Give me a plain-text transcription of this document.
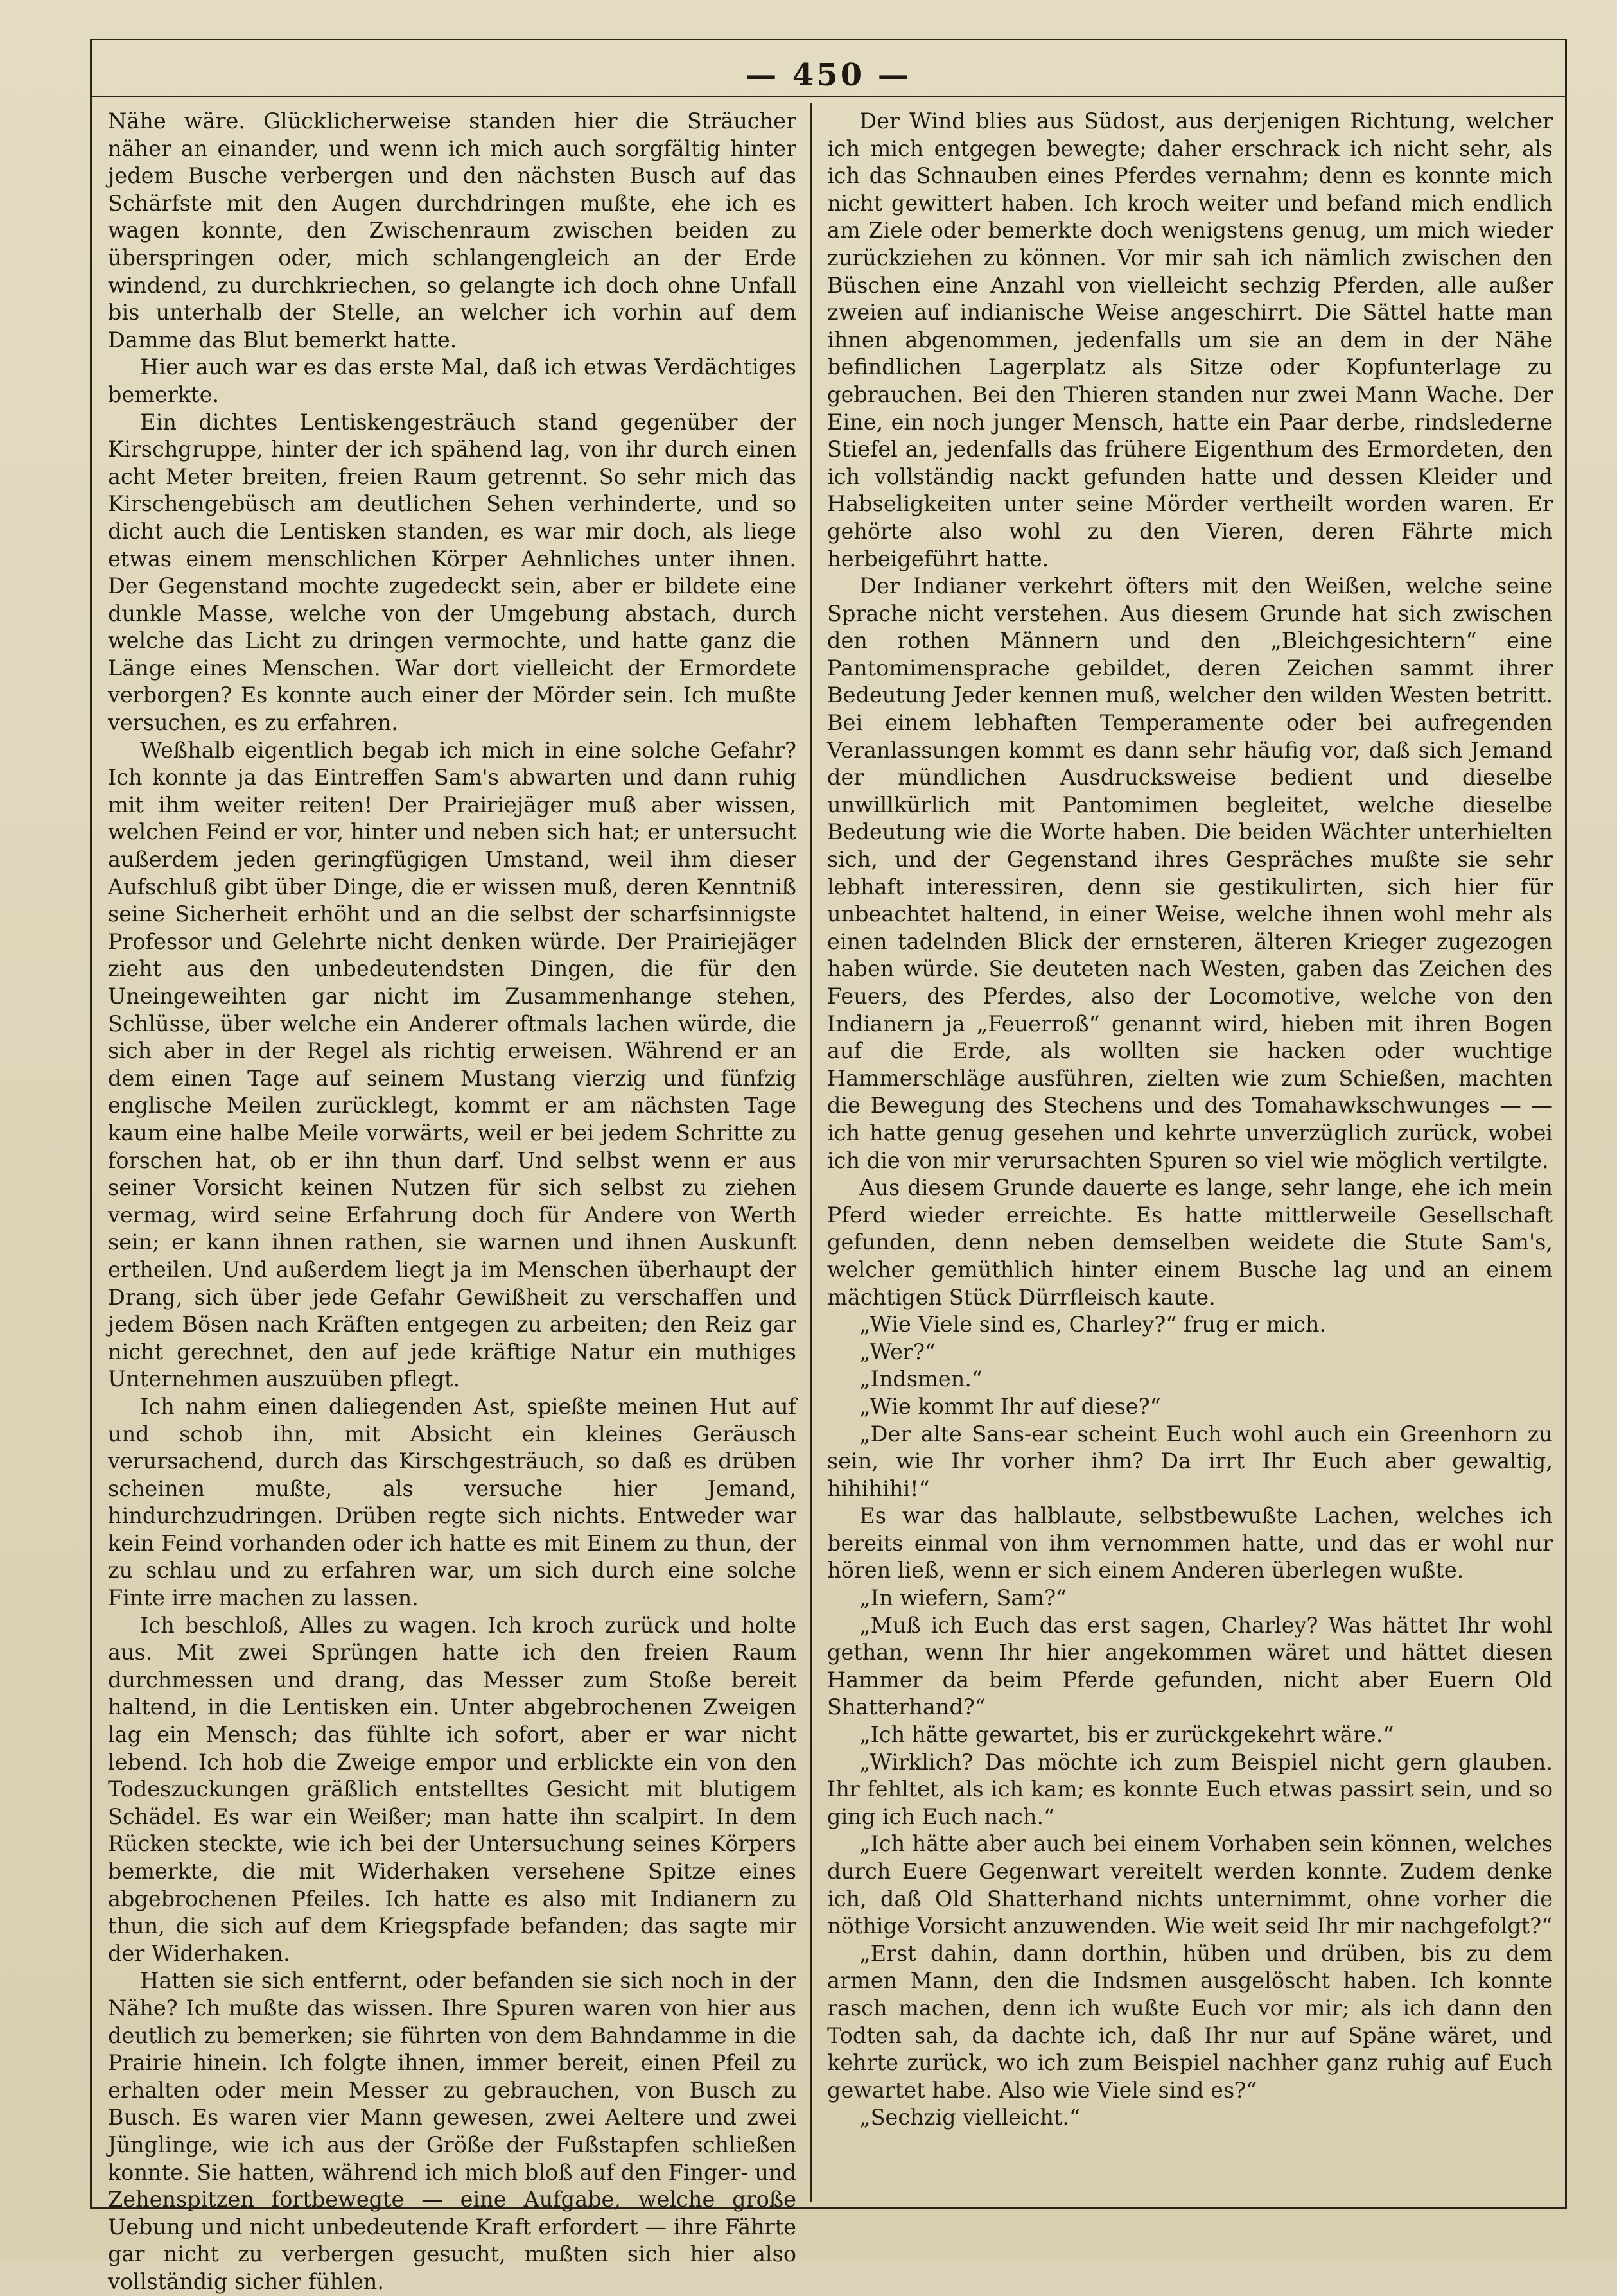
— 450 —

Nähe wäre. Glücklicherweise standen hier die Sträucher näher an einander, und wenn ich mich auch sorgfältig hinter jedem Busche verbergen und den nächsten Busch auf das Schärfste mit den Augen durchdringen mußte, ehe ich es wagen konnte, den Zwischenraum zwischen beiden zu überspringen oder, mich schlangengleich an der Erde windend, zu durchkriechen, so gelangte ich doch ohne Unfall bis unterhalb der Stelle, an welcher ich vorhin auf dem Damme das Blut bemerkt hatte.

Hier auch war es das erste Mal, daß ich etwas Verdächtiges bemerkte.

Ein dichtes Lentiskengesträuch stand gegenüber der Kirschgruppe, hinter der ich spähend lag, von ihr durch einen acht Meter breiten, freien Raum getrennt. So sehr mich das Kirschengebüsch am deutlichen Sehen verhinderte, und so dicht auch die Lentisken standen, es war mir doch, als liege etwas einem menschlichen Körper Aehnliches unter ihnen. Der Gegenstand mochte zugedeckt sein, aber er bildete eine dunkle Masse, welche von der Umgebung abstach, durch welche das Licht zu dringen vermochte, und hatte ganz die Länge eines Menschen. War dort vielleicht der Ermordete verborgen? Es konnte auch einer der Mörder sein. Ich mußte versuchen, es zu erfahren.

Weßhalb eigentlich begab ich mich in eine solche Gefahr? Ich konnte ja das Eintreffen Sam's abwarten und dann ruhig mit ihm weiter reiten! Der Prairiejäger muß aber wissen, welchen Feind er vor, hinter und neben sich hat; er untersucht außerdem jeden geringfügigen Umstand, weil ihm dieser Aufschluß gibt über Dinge, die er wissen muß, deren Kenntniß seine Sicherheit erhöht und an die selbst der scharfsinnigste Professor und Gelehrte nicht denken würde. Der Prairiejäger zieht aus den unbedeutendsten Dingen, die für den Uneingeweihten gar nicht im Zusammenhange stehen, Schlüsse, über welche ein Anderer oftmals lachen würde, die sich aber in der Regel als richtig erweisen. Während er an dem einen Tage auf seinem Mustang vierzig und fünfzig englische Meilen zurücklegt, kommt er am nächsten Tage kaum eine halbe Meile vorwärts, weil er bei jedem Schritte zu forschen hat, ob er ihn thun darf. Und selbst wenn er aus seiner Vorsicht keinen Nutzen für sich selbst zu ziehen vermag, wird seine Erfahrung doch für Andere von Werth sein; er kann ihnen rathen, sie warnen und ihnen Auskunft ertheilen. Und außerdem liegt ja im Menschen überhaupt der Drang, sich über jede Gefahr Gewißheit zu verschaffen und jedem Bösen nach Kräften entgegen zu arbeiten; den Reiz gar nicht gerechnet, den auf jede kräftige Natur ein muthiges Unternehmen auszuüben pflegt.

Ich nahm einen daliegenden Ast, spießte meinen Hut auf und schob ihn, mit Absicht ein kleines Geräusch verursachend, durch das Kirschgesträuch, so daß es drüben scheinen mußte, als versuche hier Jemand, hindurchzudringen. Drüben regte sich nichts. Entweder war kein Feind vorhanden oder ich hatte es mit Einem zu thun, der zu schlau und zu erfahren war, um sich durch eine solche Finte irre machen zu lassen.

Ich beschloß, Alles zu wagen. Ich kroch zurück und holte aus. Mit zwei Sprüngen hatte ich den freien Raum durchmessen und drang, das Messer zum Stoße bereit haltend, in die Lentisken ein. Unter abgebrochenen Zweigen lag ein Mensch; das fühlte ich sofort, aber er war nicht lebend. Ich hob die Zweige empor und erblickte ein von den Todeszuckungen gräßlich entstelltes Gesicht mit blutigem Schädel. Es war ein Weißer; man hatte ihn scalpirt. In dem Rücken steckte, wie ich bei der Untersuchung seines Körpers bemerkte, die mit Widerhaken versehene Spitze eines abgebrochenen Pfeiles. Ich hatte es also mit Indianern zu thun, die sich auf dem Kriegspfade befanden; das sagte mir der Widerhaken.

Hatten sie sich entfernt, oder befanden sie sich noch in der Nähe? Ich mußte das wissen. Ihre Spuren waren von hier aus deutlich zu bemerken; sie führten von dem Bahndamme in die Prairie hinein. Ich folgte ihnen, immer bereit, einen Pfeil zu erhalten oder mein Messer zu gebrauchen, von Busch zu Busch. Es waren vier Mann gewesen, zwei Aeltere und zwei Jünglinge, wie ich aus der Größe der Fußstapfen schließen konnte. Sie hatten, während ich mich bloß auf den Finger- und Zehenspitzen fortbewegte — eine Aufgabe, welche große Uebung und nicht unbedeutende Kraft erfordert — ihre Fährte gar nicht zu verbergen gesucht, mußten sich hier also vollständig sicher fühlen.

Der Wind blies aus Südost, aus derjenigen Richtung, welcher ich mich entgegen bewegte; daher erschrack ich nicht sehr, als ich das Schnauben eines Pferdes vernahm; denn es konnte mich nicht gewittert haben. Ich kroch weiter und befand mich endlich am Ziele oder bemerkte doch wenigstens genug, um mich wieder zurückziehen zu können. Vor mir sah ich nämlich zwischen den Büschen eine Anzahl von vielleicht sechzig Pferden, alle außer zweien auf indianische Weise angeschirrt. Die Sättel hatte man ihnen abgenommen, jedenfalls um sie an dem in der Nähe befindlichen Lagerplatz als Sitze oder Kopfunterlage zu gebrauchen. Bei den Thieren standen nur zwei Mann Wache. Der Eine, ein noch junger Mensch, hatte ein Paar derbe, rindslederne Stiefel an, jedenfalls das frühere Eigenthum des Ermordeten, den ich vollständig nackt gefunden hatte und dessen Kleider und Habseligkeiten unter seine Mörder vertheilt worden waren. Er gehörte also wohl zu den Vieren, deren Fährte mich herbeigeführt hatte.

Der Indianer verkehrt öfters mit den Weißen, welche seine Sprache nicht verstehen. Aus diesem Grunde hat sich zwischen den rothen Männern und den „Bleichgesichtern“ eine Pantomimensprache gebildet, deren Zeichen sammt ihrer Bedeutung Jeder kennen muß, welcher den wilden Westen betritt. Bei einem lebhaften Temperamente oder bei aufregenden Veranlassungen kommt es dann sehr häufig vor, daß sich Jemand der mündlichen Ausdrucksweise bedient und dieselbe unwillkürlich mit Pantomimen begleitet, welche dieselbe Bedeutung wie die Worte haben. Die beiden Wächter unterhielten sich, und der Gegenstand ihres Gespräches mußte sie sehr lebhaft interessiren, denn sie gestikulirten, sich hier für unbeachtet haltend, in einer Weise, welche ihnen wohl mehr als einen tadelnden Blick der ernsteren, älteren Krieger zugezogen haben würde. Sie deuteten nach Westen, gaben das Zeichen des Feuers, des Pferdes, also der Locomotive, welche von den Indianern ja „Feuerroß“ genannt wird, hieben mit ihren Bogen auf die Erde, als wollten sie hacken oder wuchtige Hammerschläge ausführen, zielten wie zum Schießen, machten die Bewegung des Stechens und des Tomahawkschwunges — — ich hatte genug gesehen und kehrte unverzüglich zurück, wobei ich die von mir verursachten Spuren so viel wie möglich vertilgte.

Aus diesem Grunde dauerte es lange, sehr lange, ehe ich mein Pferd wieder erreichte. Es hatte mittlerweile Gesellschaft gefunden, denn neben demselben weidete die Stute Sam's, welcher gemüthlich hinter einem Busche lag und an einem mächtigen Stück Dürrfleisch kaute.

„Wie Viele sind es, Charley?“ frug er mich.

„Wer?“

„Indsmen.“

„Wie kommt Ihr auf diese?“

„Der alte Sans-ear scheint Euch wohl auch ein Greenhorn zu sein, wie Ihr vorher ihm? Da irrt Ihr Euch aber gewaltig, hihihihi!“

Es war das halblaute, selbstbewußte Lachen, welches ich bereits einmal von ihm vernommen hatte, und das er wohl nur hören ließ, wenn er sich einem Anderen überlegen wußte.

„In wiefern, Sam?“

„Muß ich Euch das erst sagen, Charley? Was hättet Ihr wohl gethan, wenn Ihr hier angekommen wäret und hättet diesen Hammer da beim Pferde gefunden, nicht aber Euern Old Shatterhand?“

„Ich hätte gewartet, bis er zurückgekehrt wäre.“

„Wirklich? Das möchte ich zum Beispiel nicht gern glauben. Ihr fehltet, als ich kam; es konnte Euch etwas passirt sein, und so ging ich Euch nach.“

„Ich hätte aber auch bei einem Vorhaben sein können, welches durch Euere Gegenwart vereitelt werden konnte. Zudem denke ich, daß Old Shatterhand nichts unternimmt, ohne vorher die nöthige Vorsicht anzuwenden. Wie weit seid Ihr mir nachgefolgt?“

„Erst dahin, dann dorthin, hüben und drüben, bis zu dem armen Mann, den die Indsmen ausgelöscht haben. Ich konnte rasch machen, denn ich wußte Euch vor mir; als ich dann den Todten sah, da dachte ich, daß Ihr nur auf Späne wäret, und kehrte zurück, wo ich zum Beispiel nachher ganz ruhig auf Euch gewartet habe. Also wie Viele sind es?“

„Sechzig vielleicht.“
